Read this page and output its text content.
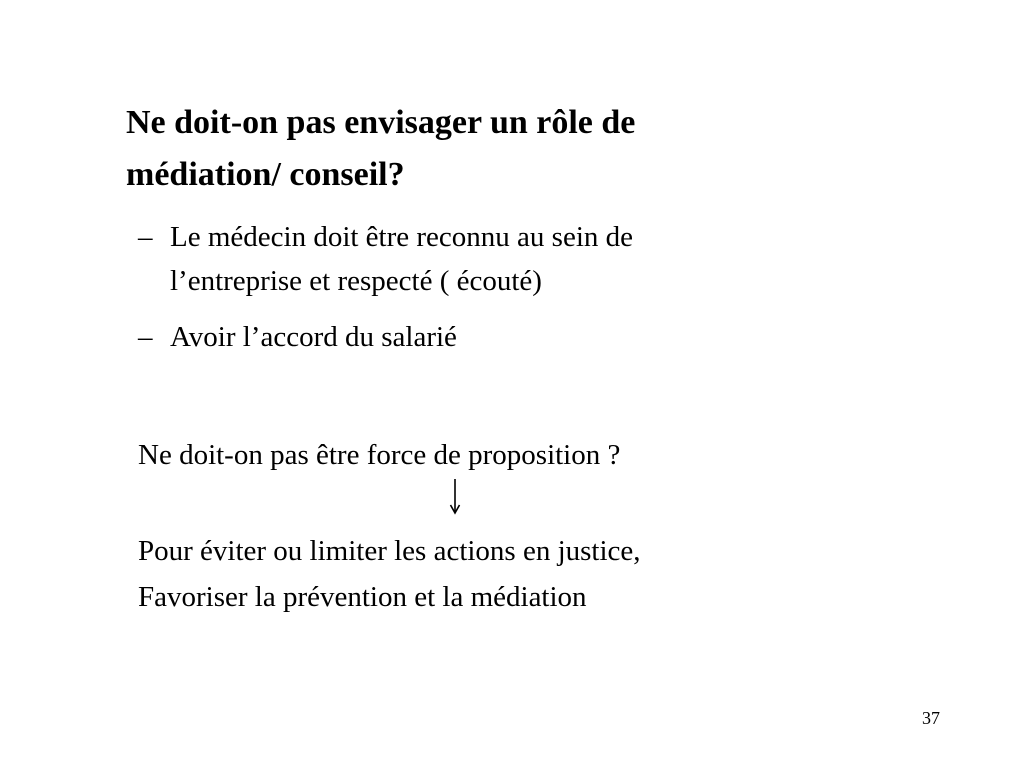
Ne doit-on pas envisager un rôle de
médiation/ conseil?
– Le médecin doit être reconnu au sein de
l’entreprise et respecté ( écouté)
– Avoir l’accord du salarié

Ne doit-on pas être force de proposition ?

Pour éviter ou limiter les actions en justice,
Favoriser la prévention et la médiation

37
